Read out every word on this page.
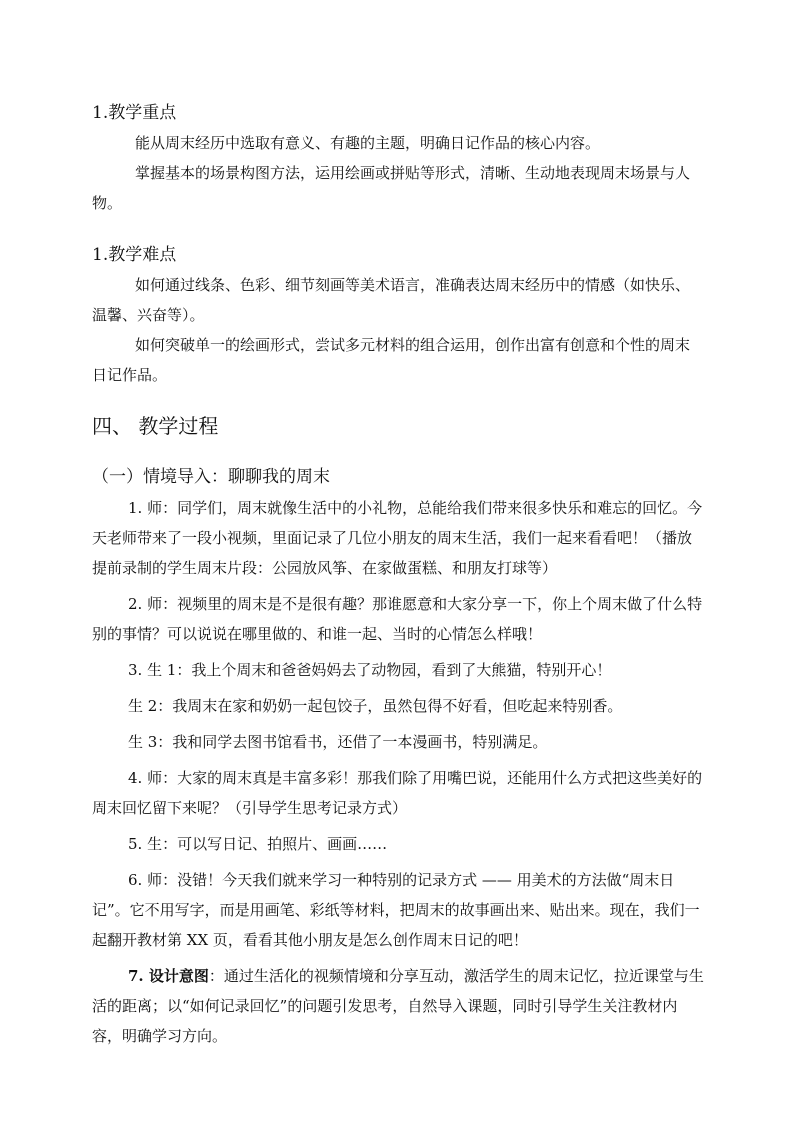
1.教学重点

能从周末经历中选取有意义、有趣的主题，明确日记作品的核心内容。

掌握基本的场景构图方法，运用绘画或拼贴等形式，清晰、生动地表现周末场景与人物。

1.教学难点

如何通过线条、色彩、细节刻画等美术语言，准确表达周末经历中的情感（如快乐、温馨、兴奋等）。

如何突破单一的绘画形式，尝试多元材料的组合运用，创作出富有创意和个性的周末日记作品。

四、 教学过程
（一）情境导入：聊聊我的周末

1. 师：同学们，周末就像生活中的小礼物，总能给我们带来很多快乐和难忘的回忆。今天老师带来了一段小视频，里面记录了几位小朋友的周末生活，我们一起来看看吧！（播放提前录制的学生周末片段：公园放风筝、在家做蛋糕、和朋友打球等）

2. 师：视频里的周末是不是很有趣？那谁愿意和大家分享一下，你上个周末做了什么特别的事情？可以说说在哪里做的、和谁一起、当时的心情怎么样哦！

3. 生 1：我上个周末和爸爸妈妈去了动物园，看到了大熊猫，特别开心！

生 2：我周末在家和奶奶一起包饺子，虽然包得不好看，但吃起来特别香。

生 3：我和同学去图书馆看书，还借了一本漫画书，特别满足。

4. 师：大家的周末真是丰富多彩！那我们除了用嘴巴说，还能用什么方式把这些美好的周末回忆留下来呢？（引导学生思考记录方式）

5. 生：可以写日记、拍照片、画画……

6. 师：没错！今天我们就来学习一种特别的记录方式 —— 用美术的方法做“周末日记”。它不用写字，而是用画笔、彩纸等材料，把周末的故事画出来、贴出来。现在，我们一起翻开教材第 XX 页，看看其他小朋友是怎么创作周末日记的吧！

7. 设计意图：通过生活化的视频情境和分享互动，激活学生的周末记忆，拉近课堂与生活的距离；以“如何记录回忆”的问题引发思考，自然导入课题，同时引导学生关注教材内容，明确学习方向。
